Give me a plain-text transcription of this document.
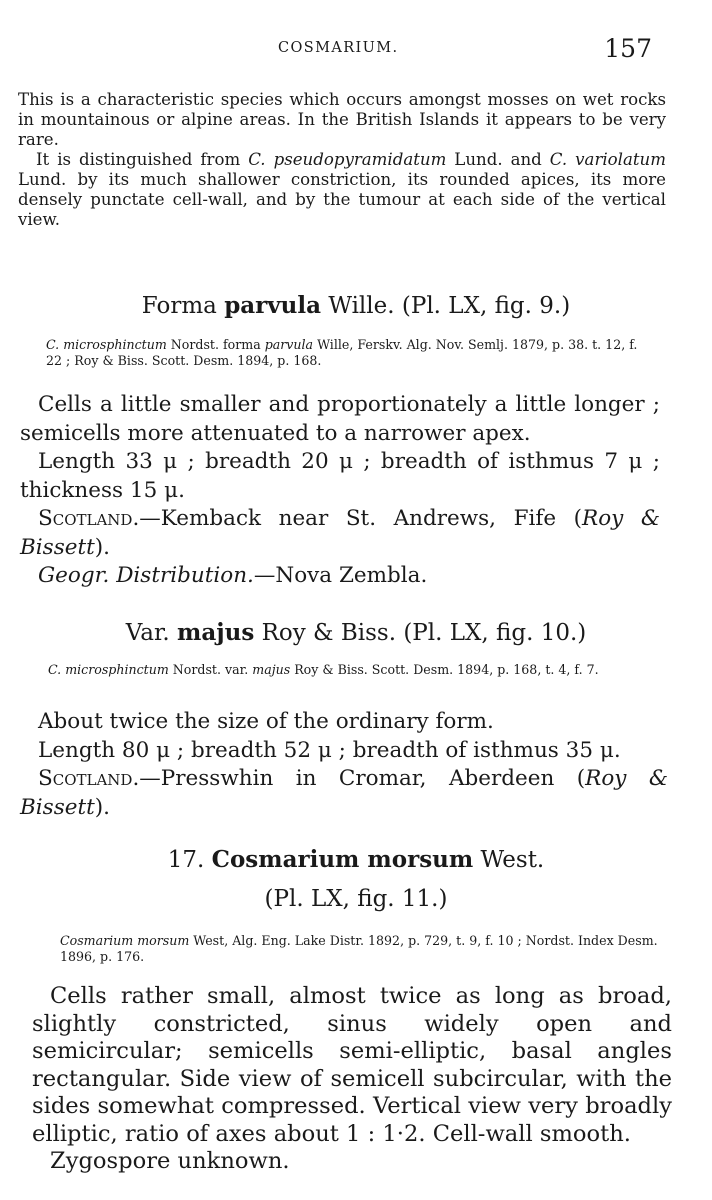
COSMARIUM.	157

This is a characteristic species which occurs amongst mosses on wet rocks in mountainous or alpine areas. In the British Islands it appears to be very rare.

It is distinguished from C. pseudopyramidatum Lund. and C. variolatum Lund. by its much shallower constriction, its rounded apices, its more densely punctate cell-wall, and by the tumour at each side of the vertical view.

Forma parvula Wille. (Pl. LX, fig. 9.)
C. microsphinctum Nordst. forma parvula Wille, Ferskv. Alg. Nov. Semlj. 1879, p. 38. t. 12, f. 22 ; Roy & Biss. Scott. Desm. 1894, p. 168.

Cells a little smaller and proportionately a little longer ; semicells more attenuated to a narrower apex.

Length 33 μ ; breadth 20 μ ; breadth of isthmus 7 μ ; thickness 15 μ.

Scotland.—Kemback near St. Andrews, Fife (Roy & Bissett).

Geogr. Distribution.—Nova Zembla.

Var. majus Roy & Biss. (Pl. LX, fig. 10.)
C. microsphinctum Nordst. var. majus Roy & Biss. Scott. Desm. 1894, p. 168, t. 4, f. 7.

About twice the size of the ordinary form.

Length 80 μ ; breadth 52 μ ; breadth of isthmus 35 μ.

Scotland.—Presswhin in Cromar, Aberdeen (Roy & Bissett).

17. Cosmarium morsum West.
(Pl. LX, fig. 11.)
Cosmarium morsum West, Alg. Eng. Lake Distr. 1892, p. 729, t. 9, f. 10 ; Nordst. Index Desm. 1896, p. 176.

Cells rather small, almost twice as long as broad, slightly constricted, sinus widely open and semicircular; semicells semi-elliptic, basal angles rectangular. Side view of semicell subcircular, with the sides somewhat compressed. Vertical view very broadly elliptic, ratio of axes about 1 : 1·2. Cell-wall smooth.

Zygospore unknown.
